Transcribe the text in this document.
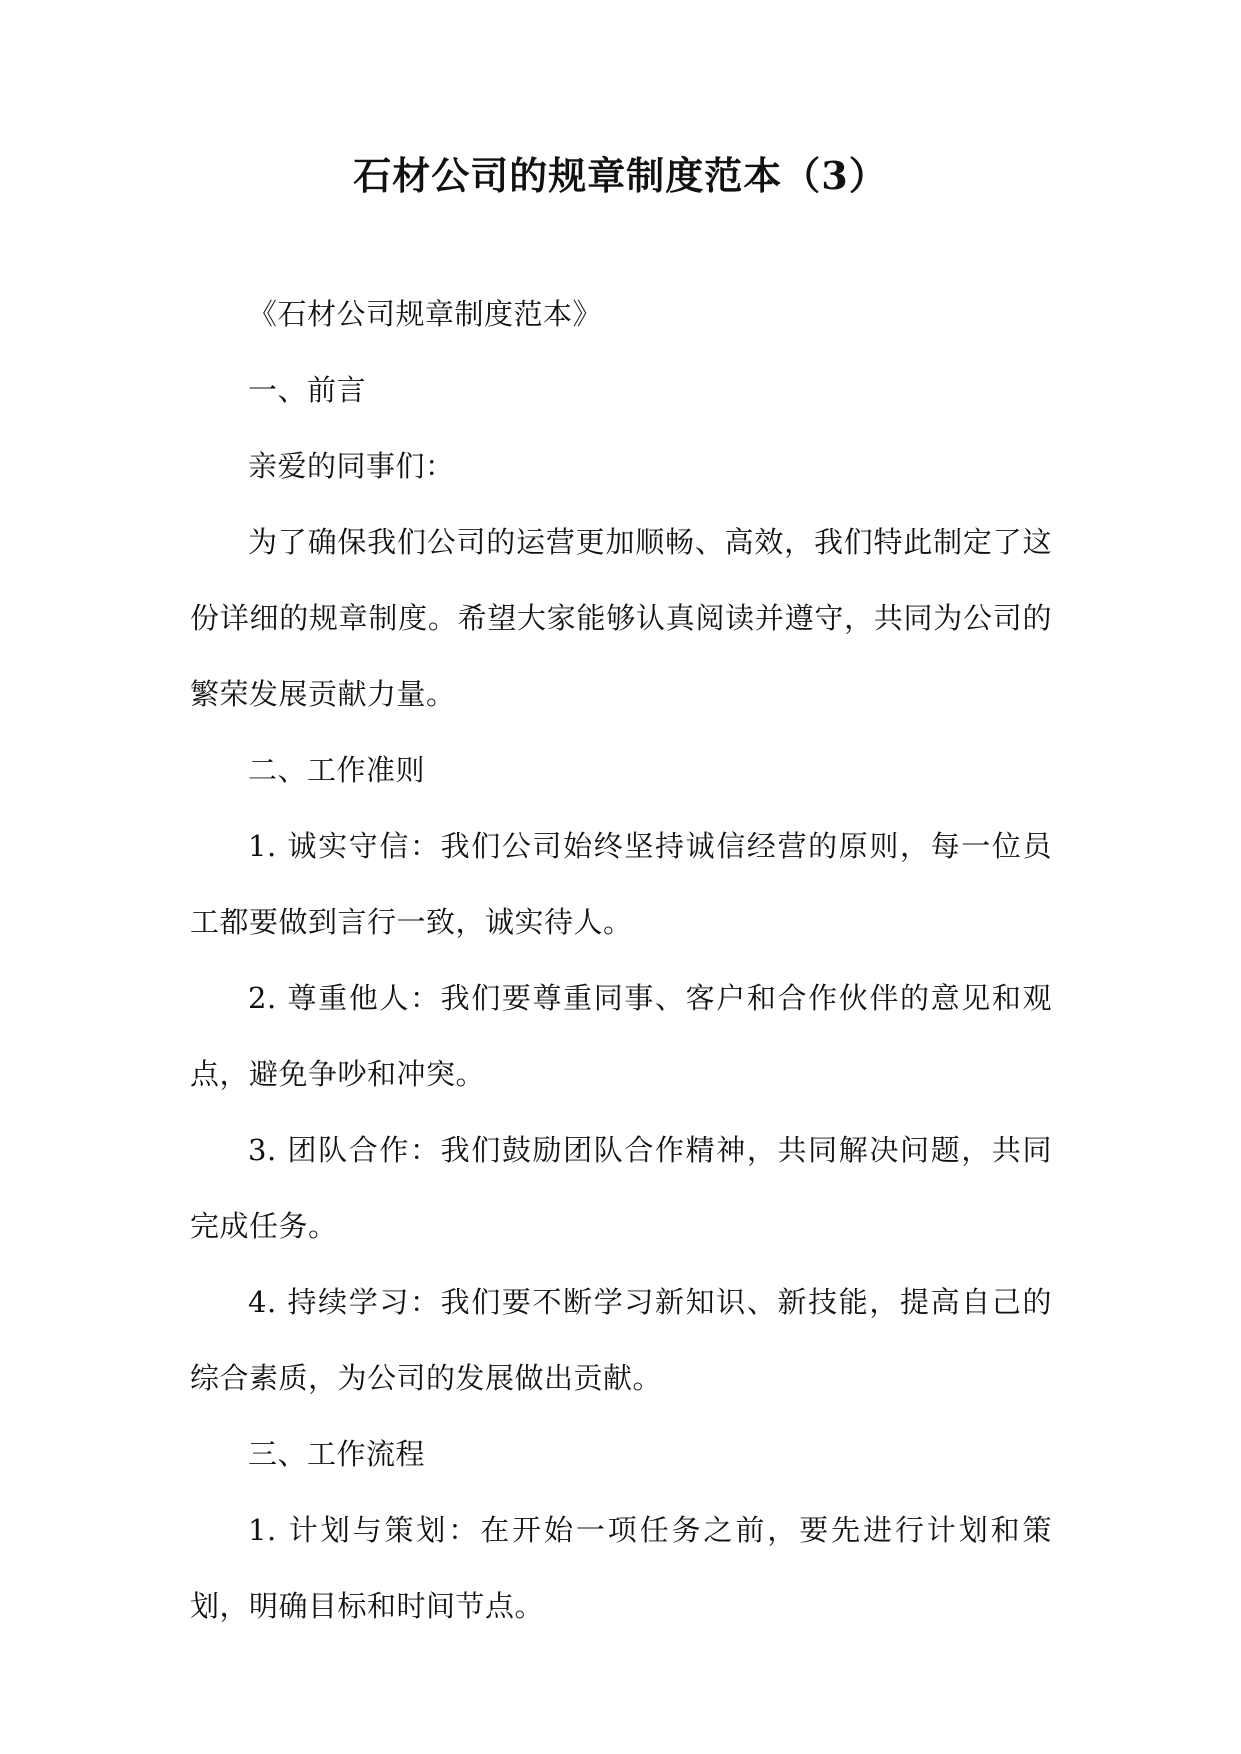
石材公司的规章制度范本（3）

《石材公司规章制度范本》

一、前言

亲爱的同事们：

为了确保我们公司的运营更加顺畅、高效，我们特此制定了这份详细的规章制度。希望大家能够认真阅读并遵守，共同为公司的繁荣发展贡献力量。

二、工作准则

1. 诚实守信：我们公司始终坚持诚信经营的原则，每一位员工都要做到言行一致，诚实待人。

2. 尊重他人：我们要尊重同事、客户和合作伙伴的意见和观点，避免争吵和冲突。

3. 团队合作：我们鼓励团队合作精神，共同解决问题，共同完成任务。

4. 持续学习：我们要不断学习新知识、新技能，提高自己的综合素质，为公司的发展做出贡献。

三、工作流程

1. 计划与策划：在开始一项任务之前，要先进行计划和策划，明确目标和时间节点。
